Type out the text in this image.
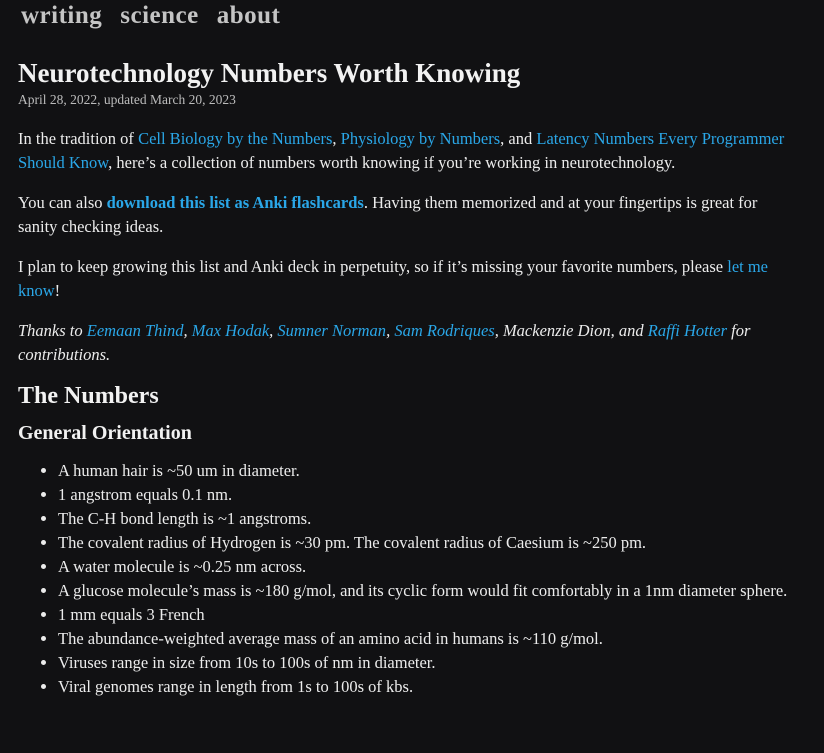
writing science about
Neurotechnology Numbers Worth Knowing
April 28, 2022, updated March 20, 2023

In the tradition of Cell Biology by the Numbers, Physiology by Numbers, and Latency Numbers Every Programmer Should Know, here’s a collection of numbers worth knowing if you’re working in neurotechnology.

You can also download this list as Anki flashcards. Having them memorized and at your fingertips is great for sanity checking ideas.

I plan to keep growing this list and Anki deck in perpetuity, so if it’s missing your favorite numbers, please let me know!

Thanks to Eemaan Thind, Max Hodak, Sumner Norman, Sam Rodriques, Mackenzie Dion, and Raffi Hotter for contributions.

The Numbers
General Orientation
• A human hair is ~50 um in diameter.
• 1 angstrom equals 0.1 nm.
• The C-H bond length is ~1 angstroms.
• The covalent radius of Hydrogen is ~30 pm. The covalent radius of Caesium is ~250 pm.
• A water molecule is ~0.25 nm across.
• A glucose molecule’s mass is ~180 g/mol, and its cyclic form would fit comfortably in a 1nm diameter sphere.
• 1 mm equals 3 French
• The abundance-weighted average mass of an amino acid in humans is ~110 g/mol.
• Viruses range in size from 10s to 100s of nm in diameter.
• Viral genomes range in length from 1s to 100s of kbs.
